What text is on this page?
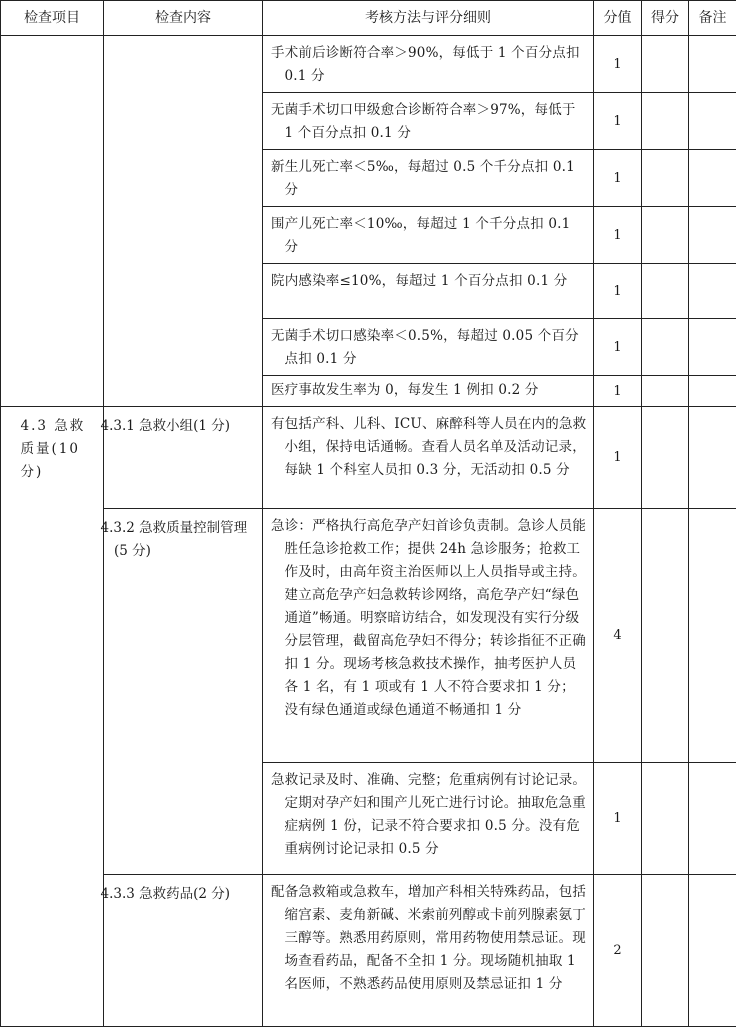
检查项目	检查内容	考核方法与评分细则	分值	得分	备注
		手术前后诊断符合率＞90%，每低于 1 个百分点扣 0.1 分	1		
		无菌手术切口甲级愈合诊断符合率＞97%，每低于 1 个百分点扣 0.1 分	1		
		新生儿死亡率＜5‰，每超过 0.5 个千分点扣 0.1 分	1		
		围产儿死亡率＜10‰，每超过 1 个千分点扣 0.1 分	1		
		院内感染率≤10%，每超过 1 个百分点扣 0.1 分	1		
		无菌手术切口感染率＜0.5%，每超过 0.05 个百分点扣 0.1 分	1		
		医疗事故发生率为 0，每发生 1 例扣 0.2 分	1		
4.3 急救质量(10 分)	4.3.1 急救小组(1 分)	有包括产科、儿科、ICU、麻醉科等人员在内的急救小组，保持电话通畅。查看人员名单及活动记录，每缺 1 个科室人员扣 0.3 分，无活动扣 0.5 分	1		
	4.3.2 急救质量控制管理(5 分)	急诊：严格执行高危孕产妇首诊负责制。急诊人员能胜任急诊抢救工作；提供 24h 急诊服务；抢救工作及时，由高年资主治医师以上人员指导或主持。建立高危孕产妇急救转诊网络，高危孕产妇“绿色通道”畅通。明察暗访结合，如发现没有实行分级分层管理，截留高危孕妇不得分；转诊指征不正确扣 1 分。现场考核急救技术操作，抽考医护人员各 1 名，有 1 项或有 1 人不符合要求扣 1 分；没有绿色通道或绿色通道不畅通扣 1 分	4		
		急救记录及时、准确、完整；危重病例有讨论记录。定期对孕产妇和围产儿死亡进行讨论。抽取危急重症病例 1 份，记录不符合要求扣 0.5 分。没有危重病例讨论记录扣 0.5 分	1		
	4.3.3 急救药品(2 分)	配备急救箱或急救车，增加产科相关特殊药品，包括缩宫素、麦角新碱、米索前列醇或卡前列腺素氨丁三醇等。熟悉用药原则，常用药物使用禁忌证。现场查看药品，配备不全扣 1 分。现场随机抽取 1 名医师，不熟悉药品使用原则及禁忌证扣 1 分	2		
